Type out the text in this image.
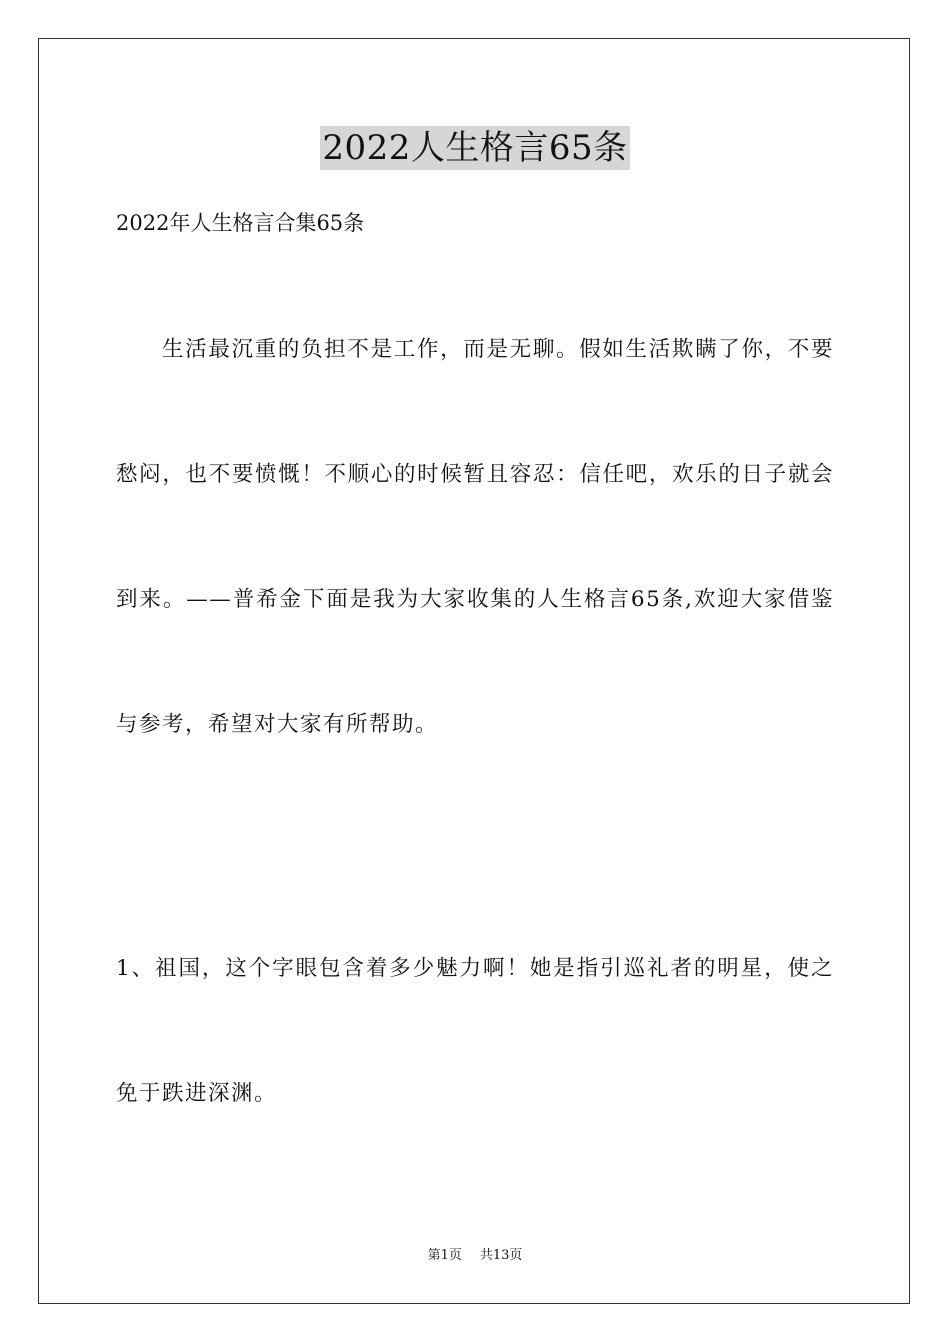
2022人生格言65条

2022年人生格言合集65条

生活最沉重的负担不是工作，而是无聊。假如生活欺瞒了你，不要愁闷，也不要愤慨！不顺心的时候暂且容忍：信任吧，欢乐的日子就会到来。——普希金下面是我为大家收集的人生格言65条,欢迎大家借鉴与参考，希望对大家有所帮助。

1、祖国，这个字眼包含着多少魅力啊！她是指引巡礼者的明星，使之免于跌进深渊。

第1页 共13页
